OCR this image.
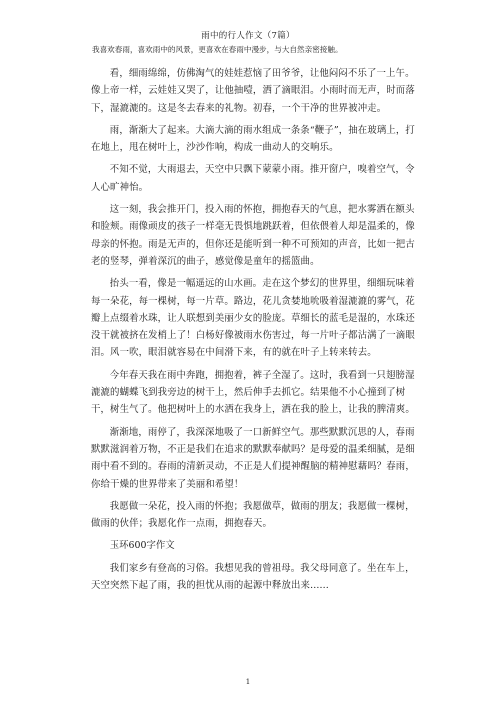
雨中的行人作文（7篇）
我喜欢春雨，喜欢雨中的风景，更喜欢在春雨中漫步，与大自然亲密接触。

看，细雨绵绵，仿佛淘气的娃娃惹恼了田爷爷，让他闷闷不乐了一上午。像上帝一样，云娃娃又哭了，让他抽噎，洒了滴眼泪。小雨时而无声，时而落下，湿漉漉的。这是冬去春来的礼物。初春，一个干净的世界被冲走。

雨，渐渐大了起来。大滴大滴的雨水组成一条条“鞭子”，抽在玻璃上，打在地上，甩在树叶上，沙沙作响，构成一曲动人的交响乐。

不知不觉，大雨退去，天空中只飘下蒙蒙小雨。推开窗户，嗅着空气，令人心旷神怡。

这一刻，我会推开门，投入雨的怀抱，拥抱春天的气息，把水雾洒在额头和脸颊。雨像顽皮的孩子一样毫无畏惧地跳跃着，但依偎着人却是温柔的，像母亲的怀抱。雨是无声的，但你还是能听到一种不可预知的声音，比如一把古老的竖琴，弹着深沉的曲子，感觉像是童年的摇篮曲。

抬头一看，像是一幅遥远的山水画。走在这个梦幻的世界里，细细玩味着每一朵花，每一棵树，每一片草。路边，花儿贪婪地吮吸着湿漉漉的雾气，花瓣上点缀着水珠，让人联想到美丽少女的脸庞。草细长的蓝毛是湿的，水珠还没干就被挤在发梢上了！白杨好像被雨水伤害过，每一片叶子都沾满了一滴眼泪。风一吹，眼泪就容易在中间滑下来，有的就在叶子上转来转去。

今年春天我在雨中奔跑，拥抱着，裤子全湿了。这时，我看到一只翅膀湿漉漉的蝴蝶飞到我旁边的树干上，然后伸手去抓它。结果他不小心撞到了树干，树生气了。他把树叶上的水洒在我身上，洒在我的脸上，让我的脾清爽。

渐渐地，雨停了，我深深地吸了一口新鲜空气。那些默默沉思的人，春雨默默滋润着万物，不正是我们在追求的默默奉献吗？是母爱的温柔细腻，是细雨中看不到的。春雨的清新灵动，不正是人们提神醒脑的精神慰藉吗？春雨，你给干燥的世界带来了美丽和希望！

我愿做一朵花，投入雨的怀抱；我愿做草，做雨的朋友；我愿做一棵树，做雨的伙伴；我愿化作一点雨，拥抱春天。

玉环600字作文

我们家乡有登高的习俗。我想见我的曾祖母。我父母同意了。坐在车上，天空突然下起了雨，我的担忧从雨的起源中释放出来......

1
